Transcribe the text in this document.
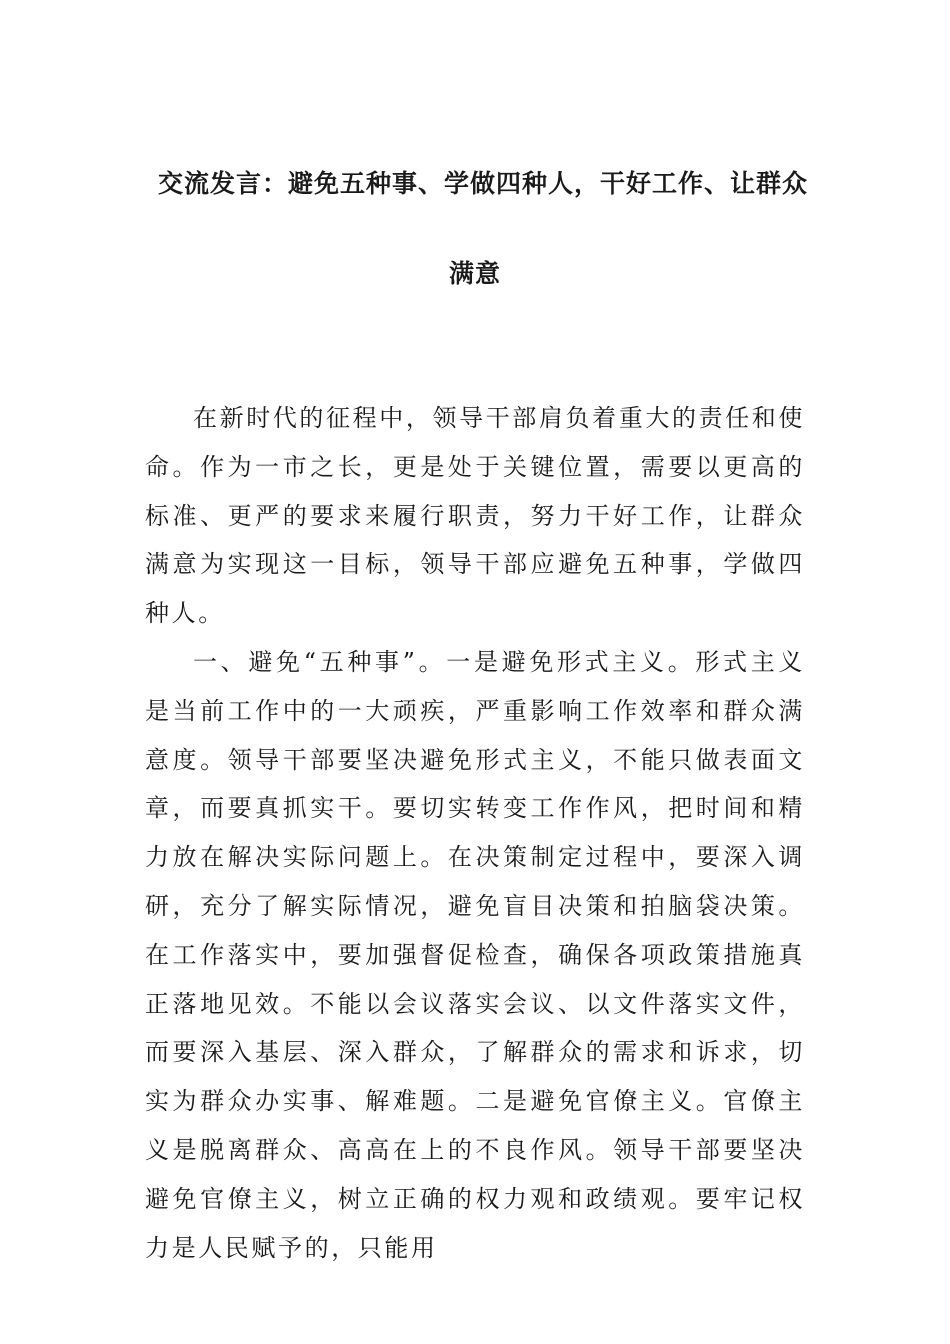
交流发言：避免五种事、学做四种人，干好工作、让群众
满意

在新时代的征程中，领导干部肩负着重大的责任和使命。作为一市之长，更是处于关键位置，需要以更高的标准、更严的要求来履行职责，努力干好工作，让群众满意为实现这一目标，领导干部应避免五种事，学做四种人。

一、避免“五种事”。一是避免形式主义。形式主义是当前工作中的一大顽疾，严重影响工作效率和群众满意度。领导干部要坚决避免形式主义，不能只做表面文章，而要真抓实干。要切实转变工作作风，把时间和精力放在解决实际问题上。在决策制定过程中，要深入调研，充分了解实际情况，避免盲目决策和拍脑袋决策。在工作落实中，要加强督促检查，确保各项政策措施真正落地见效。不能以会议落实会议、以文件落实文件，而要深入基层、深入群众，了解群众的需求和诉求，切实为群众办实事、解难题。二是避免官僚主义。官僚主义是脱离群众、高高在上的不良作风。领导干部要坚决避免官僚主义，树立正确的权力观和政绩观。要牢记权力是人民赋予的，只能用
